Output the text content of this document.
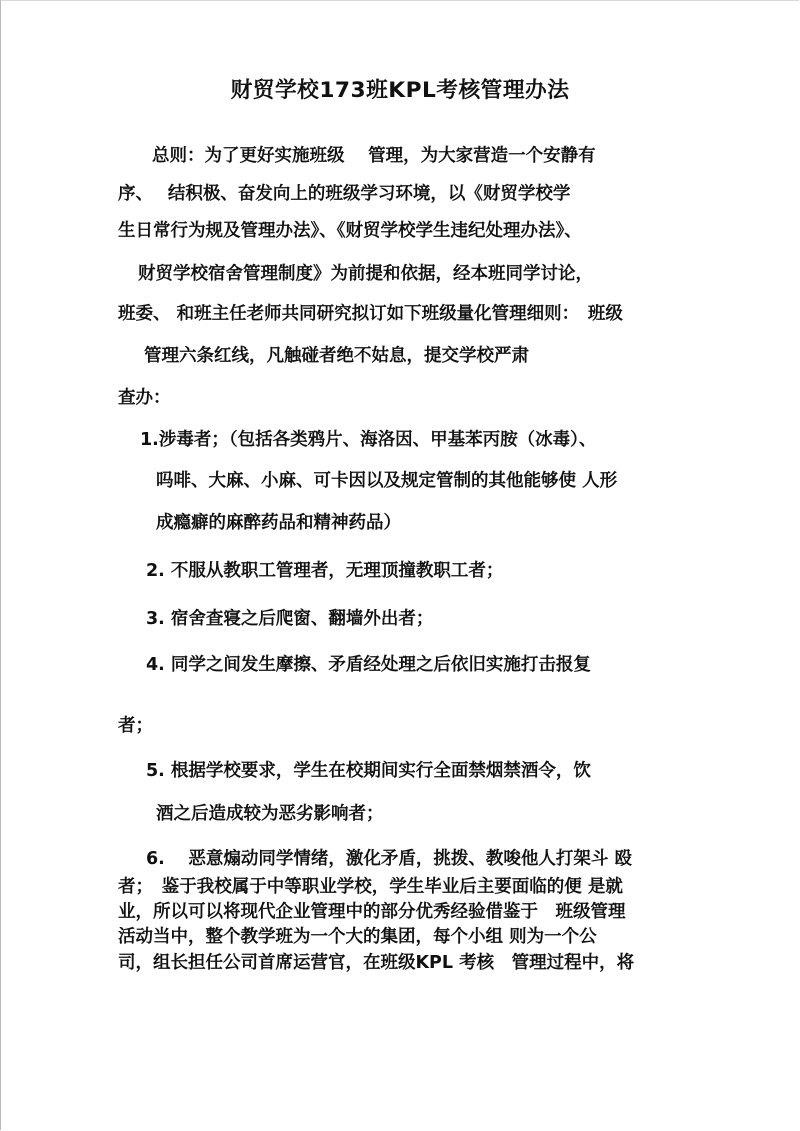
财贸学校173班KPL考核管理办法
总则：为了更好实施班级　 管理，为大家营造一个安静有
序、　 结积极、奋发向上的班级学习环境，以《财贸学校学
生日常行为规及管理办法》、《财贸学校学生违纪处理办法》、
财贸学校宿舍管理制度》为前提和依据，经本班同学讨论，
班委、 和班主任老师共同研究拟订如下班级量化管理细则：　班级
管理六条红线，凡触碰者绝不姑息，提交学校严肃
查办：
1.涉毒者；（包括各类鸦片、海洛因、甲基苯丙胺（冰毒）、
吗啡、大麻、小麻、可卡因以及规定管制的其他能够使 人形
成瘾癖的麻醉药品和精神药品）
2. 不服从教职工管理者，无理顶撞教职工者；
3. 宿舍查寝之后爬窗、翻墙外出者；
4. 同学之间发生摩擦、矛盾经处理之后依旧实施打击报复
者；
5. 根据学校要求，学生在校期间实行全面禁烟禁酒令，饮
酒之后造成较为恶劣影响者；
6.　 恶意煽动同学情绪，激化矛盾，挑拨、教唆他人打架斗 殴
者；　鉴于我校属于中等职业学校，学生毕业后主要面临的便 是就
业，所以可以将现代企业管理中的部分优秀经验借鉴于　班级管理
活动当中，整个教学班为一个大的集团，每个小组 则为一个公
司，组长担任公司首席运营官，在班级KPL 考核　管理过程中，将
